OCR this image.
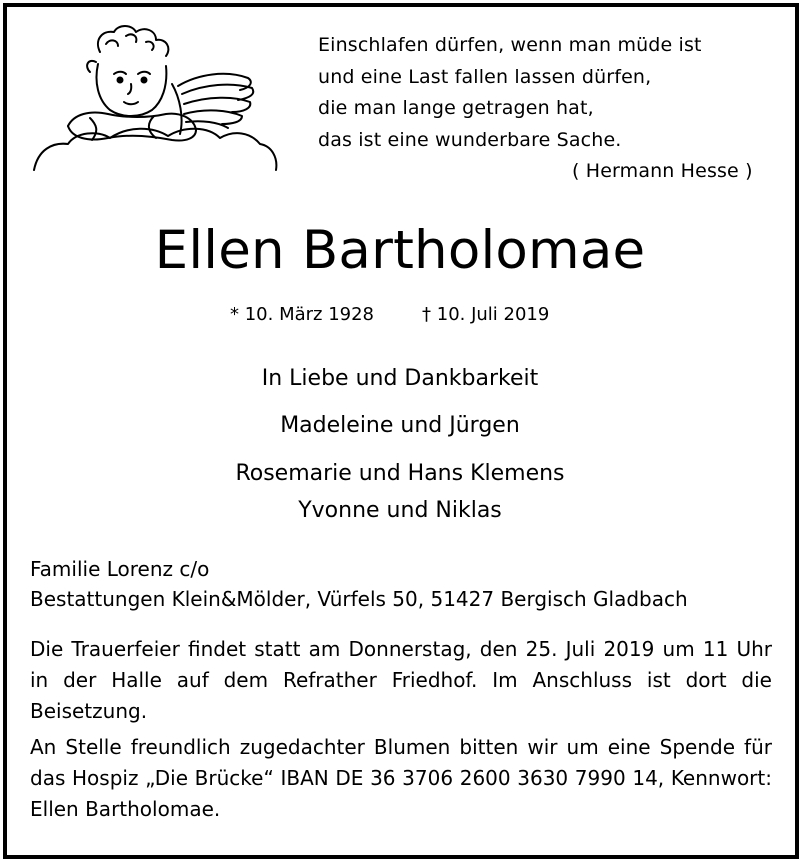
Einschlafen dürfen, wenn man müde ist
und eine Last fallen lassen dürfen,
die man lange getragen hat,
das ist eine wunderbare Sache.
( Hermann Hesse )
Ellen Bartholomae
* 10. März 1928	† 10. Juli 2019
In Liebe und Dankbarkeit
Madeleine und Jürgen
Rosemarie und Hans Klemens
Yvonne und Niklas
Familie Lorenz c/o
Bestattungen Klein&Mölder, Vürfels 50, 51427 Bergisch Gladbach
Die Trauerfeier findet statt am Donnerstag, den 25. Juli 2019 um 11 Uhr in der Halle auf dem Refrather Friedhof. Im Anschluss ist dort die Beisetzung.
An Stelle freundlich zugedachter Blumen bitten wir um eine Spende für das Hospiz „Die Brücke“ IBAN DE 36 3706 2600 3630 7990 14, Kennwort: Ellen Bartholomae.
